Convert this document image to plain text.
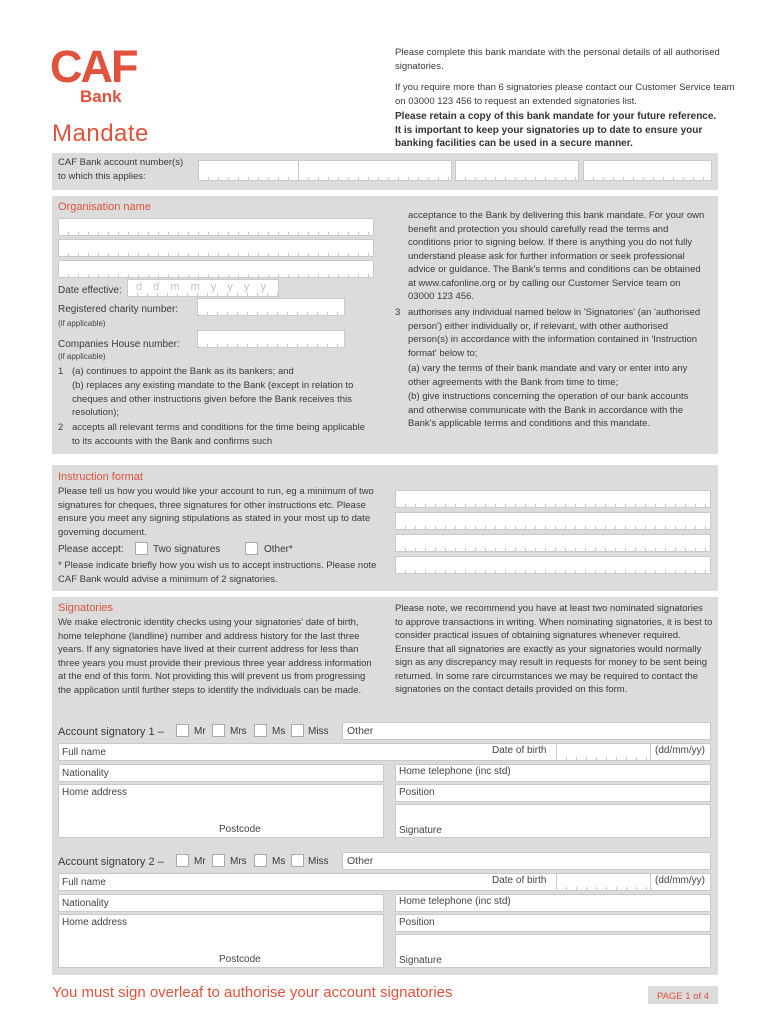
CAF
Bank
Mandate
Please complete this bank mandate with the personal details of all authorised signatories.
If you require more than 6 signatories please contact our Customer Service team on 03000 123 456 to request an extended signatories list.
Please retain a copy of this bank mandate for your future reference. It is important to keep your signatories up to date to ensure your banking facilities can be used in a secure manner.
CAF Bank account number(s)
to which this applies:
Organisation name
Date effective: d d m m y y y y
Registered charity number:
(if applicable)
Companies House number:
(if applicable)
1 (a) continues to appoint the Bank as its bankers; and
(b) replaces any existing mandate to the Bank (except in relation to cheques and other instructions given before the Bank receives this resolution);
2 accepts all relevant terms and conditions for the time being applicable to its accounts with the Bank and confirms such
acceptance to the Bank by delivering this bank mandate. For your own benefit and protection you should carefully read the terms and conditions prior to signing below. If there is anything you do not fully understand please ask for further information or seek professional advice or guidance. The Bank's terms and conditions can be obtained at www.cafonline.org or by calling our Customer Service team on 03000 123 456.
3 authorises any individual named below in 'Signatories' (an 'authorised person') either individually or, if relevant, with other authorised person(s) in accordance with the information contained in 'Instruction format' below to;
(a) vary the terms of their bank mandate and vary or enter into any other agreements with the Bank from time to time;
(b) give instructions concerning the operation of our bank accounts and otherwise communicate with the Bank in accordance with the Bank's applicable terms and conditions and this mandate.
Instruction format
Please tell us how you would like your account to run, eg a minimum of two signatures for cheques, three signatures for other instructions etc. Please ensure you meet any signing stipulations as stated in your most up to date governing document.
Please accept:	Two signatures	Other*
* Please indicate briefly how you wish us to accept instructions. Please note CAF Bank would advise a minimum of 2 signatories.
Signatories
We make electronic identity checks using your signatories' date of birth, home telephone (landline) number and address history for the last three years. If any signatories have lived at their current address for less than three years you must provide their previous three year address information at the end of this form. Not providing this will prevent us from progressing the application until further steps to identify the individuals can be made.
Please note, we recommend you have at least two nominated signatories to approve transactions in writing. When nominating signatories, it is best to consider practical issues of obtaining signatures whenever required. Ensure that all signatories are exactly as your signatories would normally sign as any discrepancy may result in requests for money to be sent being returned. In some rare circumstances we may be required to contact the signatories on the contact details provided on this form.
Account signatory 1 –	Mr Mrs	Ms Miss Other
Full name	Date of birth	(dd/mm/yy)
Nationality	Home telephone (inc std)
Home address
Postcode
Position
Signature
Account signatory 2 –	Mr Mrs	Ms Miss Other
Full name	Date of birth	(dd/mm/yy)
Nationality	Home telephone (inc std)
Home address
Postcode
Position
Signature
You must sign overleaf to authorise your account signatories	PAGE 1 of 4
